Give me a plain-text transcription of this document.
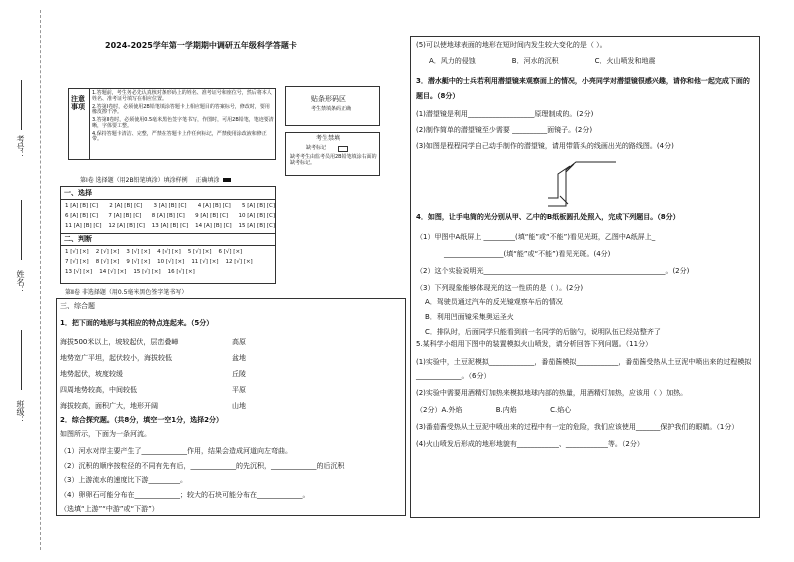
考号：
姓名：
班级：
2024-2025学年第一学期期中调研五年级科学答题卡
注意事项
1.答题前，考生务必先认真核对条形码上的姓名、准考证号和座位号，然后将本人姓名、准考证号填写在相应位置。
2.答第Ⅰ卷时，必须使用2B铅笔填涂答题卡上相应题目的答案标号，修改时，要用橡皮擦干净。
3.答第Ⅱ卷时，必须使用0.5毫米黑色签字笔书写，作图时，可用2B铅笔，笔迹要清晰，字体要工整。
4.保持答题卡清洁、完整，严禁在答题卡上作任何标记，严禁使用涂改液和修正带。
贴条形码区
考生禁填条码正确
考生禁填
缺考标记
缺考考生由监考员用2B铅笔填涂右面的缺考标记。
第Ⅰ卷 选择题（用2B铅笔填涂）填涂样例 正确填涂
一、选择
1 [A] [B] [C] 2 [A] [B] [C] 3 [A] [B] [C] 4 [A] [B] [C] 5 [A] [B] [C]
6 [A] [B] [C] 7 [A] [B] [C] 8 [A] [B] [C] 9 [A] [B] [C] 10 [A] [B] [C]
11 [A] [B] [C] 12 [A] [B] [C] 13 [A] [B] [C] 14 [A] [B] [C] 15 [A] [B] [C]
二、判断
1 [√] [×] 2 [√] [×] 3 [√] [×] 4 [√] [×] 5 [√] [×] 6 [√] [×]
7 [√] [×] 8 [√] [×] 9 [√] [×] 10 [√] [×] 11 [√] [×] 12 [√] [×]
13 [√] [×] 14 [√] [×] 15 [√] [×] 16 [√] [×]
第Ⅱ卷 非选择题（用0.5毫米黑色签字笔书写）
三、综合题
1．把下面的地形与其相应的特点连起来。（5分）
海拔500米以上，坡较起伏，层峦叠嶂
地势宽广平坦，起伏较小，海拔较低
地势起伏，坡度较缓
四周地势较高，中间较低
海拔较高，面积广大，地形开阔
高原
盆地
丘陵
平原
山地
2．综合探究题。（共8分，填空一空1分，选择2分）
如图所示，下面为一条河流。
（1）河水对岸主要产生了_____________作用，结果会造成河道向左弯曲。
（2）沉积的顺序按粒径的不同有先有后，_____________的先沉积，_____________的后沉积
（3）上游流水的速度比下游_________。
（4）卵卵石可能分布在_____________；较大的石块可能分布在_____________。
（选填“上游”“中游”或“下游”）
(5)可以使地球表面的地形在短时间内发生较大变化的是（ ）。
A．风力的侵蚀	B．河水的沉积	C．火山喷发和地震
3．潜水艇中的士兵若利用潜望镜来观察面上的情况，小亮同学对潜望镜很感兴趣，请你和他一起完成下面的题目。（8分）
(1)潜望镜是利用___________________原理制成的。(2分)
(2)制作简单的潜望镜至少需要 __________面镜子。(2分)
(3)如图是程程同学自己动手制作的潜望镜，请用带箭头的线画出光的路线图。(4分)
4．如图，让手电筒的光分别从甲、乙中的B纸板圆孔处照入，完成下列题目。（8分）
（1）甲图中A纸屏上 _________(填“能”或“不能”)看见光斑，乙图中A纸屏上_
_________________(填“能”或“不能”)看见光斑。(4分)
（2）这个实验说明光____________________________________________________。(2分)
（3）下列现象能够体现光的这一性质的是（ ）。(2分)
A．驾驶员通过汽车的反光镜观察车后的情况
B．利用凹面镜采集奥运圣火
C．排队时，后面同学只能看到前一名同学的后脑勺，说明队伍已经站整齐了
5.某科学小组用下图中的装置模拟火山喷发，请分析回答下列问题。（11分）
(1)实验中，土豆泥模拟_____________，番茄酱模拟____________，番茄酱受热从土豆泥中喷出来的过程模拟_____________。（6分）
(2)实验中需要用酒精灯加热来模拟地球内部的热量，用酒精灯加热，应该用（ ）加热。
（2分）A.外焰               B.内焰               C.焰心
(3)番茄酱受热从土豆泥中喷出来的过程中有一定的危险，我们应该使用_______保护我们的眼睛。（1分）
(4)火山喷发后形成的地形地貌有____________、____________等。（2分）
